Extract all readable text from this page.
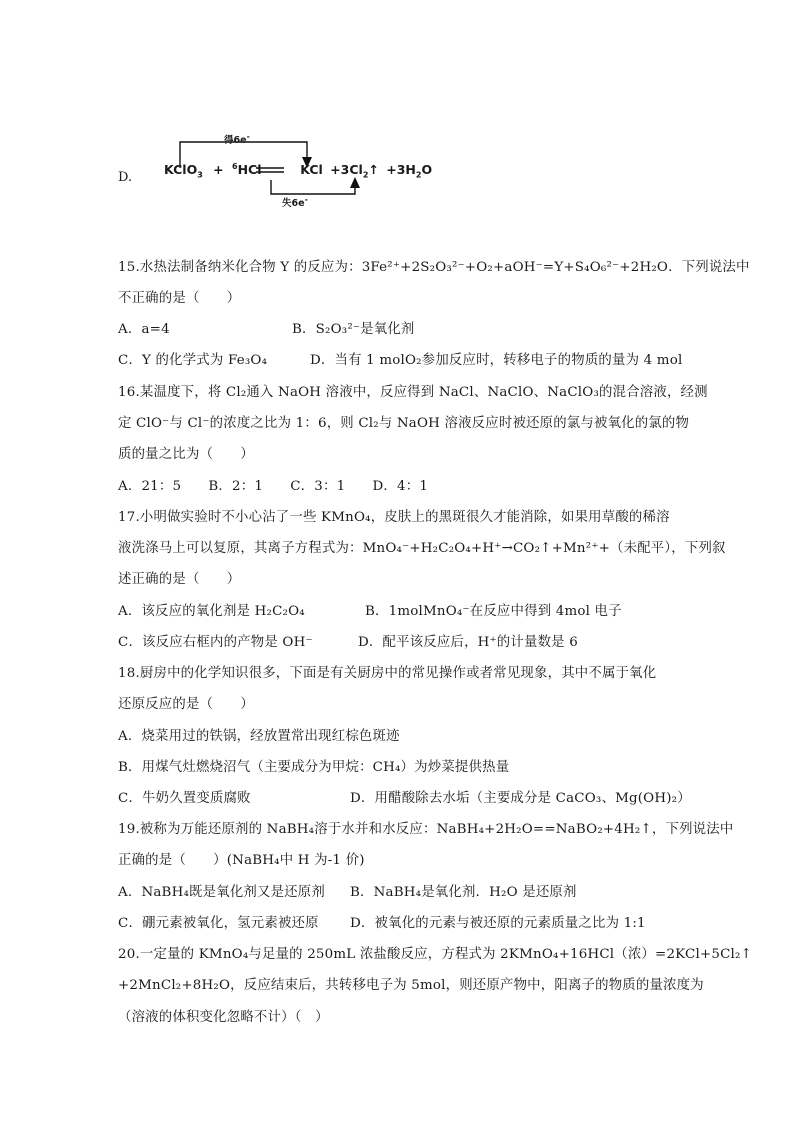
D.
得6e-
KClO$_3$ + $^6$HCl	KCl $+3Cl_2↑ +3H_2O$
失6e-
15.水热法制备纳米化合物 Y 的反应为：3Fe²⁺+2S₂O₃²⁻+O₂+aOH⁻=Y+S₄O₆²⁻+2H₂O．下列说法中
不正确的是（　　）
A．a=4	B．S₂O₃²⁻是氧化剂
C．Y 的化学式为 Fe₃O₄	D．当有 1 molO₂参加反应时，转移电子的物质的量为 4 mol
16.某温度下，将 Cl₂通入 NaOH 溶液中，反应得到 NaCl、NaClO、NaClO₃的混合溶液，经测
定 ClO⁻与 Cl⁻的浓度之比为 1：6，则 Cl₂与 NaOH 溶液反应时被还原的氯与被氧化的氯的物
质的量之比为（　　）
A．21：5　　B．2：1　　C．3：1　　D．4：1
17.小明做实验时不小心沾了一些 KMnO₄，皮肤上的黑斑很久才能消除，如果用草酸的稀溶
液洗涤马上可以复原，其离子方程式为：MnO₄⁻+H₂C₂O₄+H⁺→CO₂↑+Mn²⁺+（未配平），下列叙
述正确的是（　　）
A．该反应的氧化剂是 H₂C₂O₄	B．1molMnO₄⁻在反应中得到 4mol 电子
C．该反应右框内的产物是 OH⁻	D．配平该反应后，H⁺的计量数是 6
18.厨房中的化学知识很多，下面是有关厨房中的常见操作或者常见现象，其中不属于氧化
还原反应的是（　　）
A．烧菜用过的铁锅，经放置常出现红棕色斑迹
B．用煤气灶燃烧沼气（主要成分为甲烷：CH₄）为炒菜提供热量
C．牛奶久置变质腐败	D．用醋酸除去水垢（主要成分是 CaCO₃、Mg(OH)₂）
19.被称为万能还原剂的 NaBH₄溶于水并和水反应：NaBH₄+2H₂O==NaBO₂+4H₂↑，下列说法中
正确的是（　　）(NaBH₄中 H 为-1 价)
A．NaBH₄既是氧化剂又是还原剂 B．NaBH₄是氧化剂．H₂O 是还原剂
C．硼元素被氧化，氢元素被还原 D．被氧化的元素与被还原的元素质量之比为 1:1
20.一定量的 KMnO₄与足量的 250mL 浓盐酸反应，方程式为 2KMnO₄+16HCl（浓）=2KCl+5Cl₂↑
+2MnCl₂+8H₂O，反应结束后，共转移电子为 5mol，则还原产物中，阳离子的物质的量浓度为
（溶液的体积变化忽略不计）（　）
